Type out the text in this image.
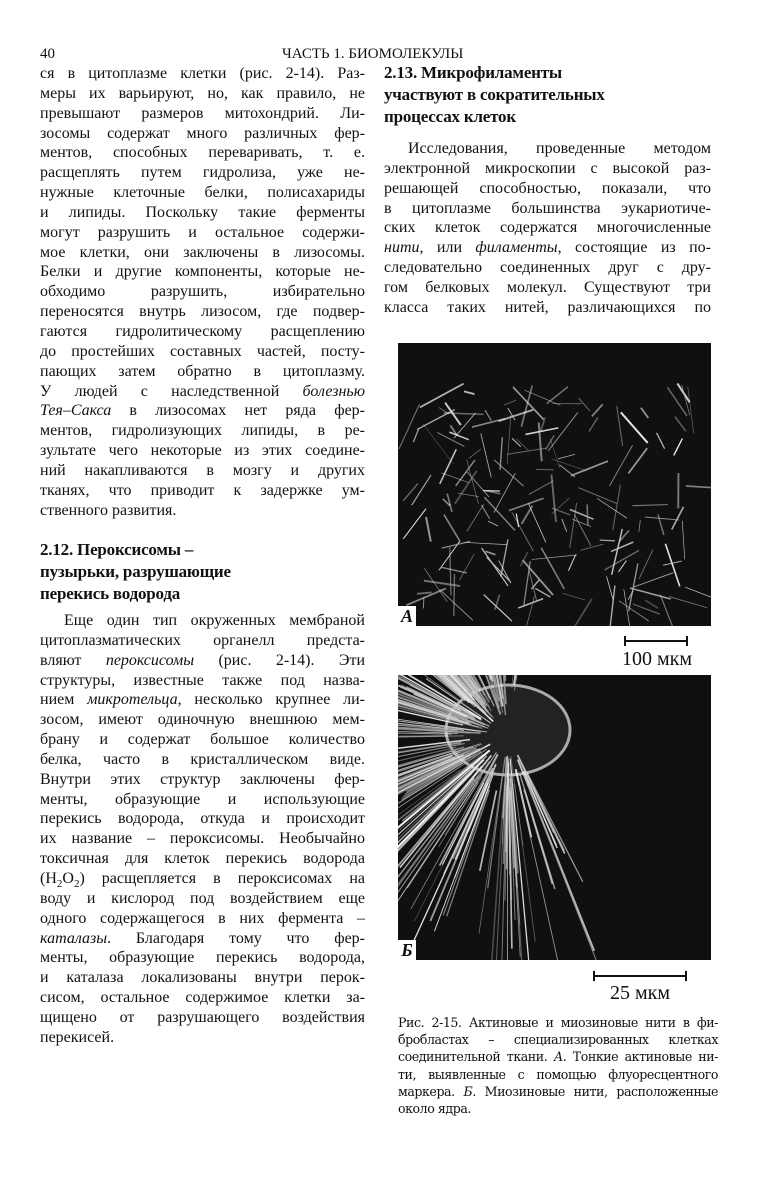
40	ЧАСТЬ 1. БИОМОЛЕКУЛЫ
ся в цитоплазме клетки (рис. 2-14). Раз-
меры их варьируют, но, как правило, не
превышают размеров митохондрий. Ли-
зосомы содержат много различных фер-
ментов, способных переваривать, т. е.
расщеплять путем гидролиза, уже не-
нужные клеточные белки, полисахариды
и липиды. Поскольку такие ферменты
могут разрушить и остальное содержи-
мое клетки, они заключены в лизосомы.
Белки и другие компоненты, которые не-
обходимо разрушить, избирательно
переносятся внутрь лизосом, где подвер-
гаются гидролитическому расщеплению
до простейших составных частей, посту-
пающих затем обратно в цитоплазму.
У людей с наследственной болезнью
Тея–Сакса в лизосомах нет ряда фер-
ментов, гидролизующих липиды, в ре-
зультате чего некоторые из этих соедине-
ний накапливаются в мозгу и других
тканях, что приводит к задержке ум-
ственного развития.
2.12. Пероксисомы –
пузырьки, разрушающие
перекись водорода
Еще один тип окруженных мембраной
цитоплазматических органелл предста-
вляют пероксисомы (рис. 2-14). Эти
структуры, известные также под назва-
нием микротельца, несколько крупнее ли-
зосом, имеют одиночную внешнюю мем-
брану и содержат большое количество
белка, часто в кристаллическом виде.
Внутри этих структур заключены фер-
менты, образующие и использующие
перекись водорода, откуда и происходит
их название – пероксисомы. Необычайно
токсичная для клеток перекись водорода
$(H_2O_2)$ расщепляется в пероксисомах на
воду и кислород под воздействием еще
одного содержащегося в них фермента –
каталазы. Благодаря тому что фер-
менты, образующие перекись водорода,
и каталаза локализованы внутри перок-
сисом, остальное содержимое клетки за-
щищено от разрушающего воздействия
перекисей.
2.13. Микрофиламенты
участвуют в сократительных
процессах клеток
Исследования, проведенные методом
электронной микроскопии с высокой раз-
решающей способностью, показали, что
в цитоплазме большинства эукариотиче-
ских клеток содержатся многочисленные
нити, или филаменты, состоящие из по-
следовательно соединенных друг с дру-
гом белковых молекул. Существуют три
класса таких нитей, различающихся по
А
100 мкм
Б
25 мкм
Рис. 2-15. Актиновые и миозиновые нити в фи-
бробластах – специализированных клетках
соединительной ткани. А. Тонкие актиновые ни-
ти, выявленные с помощью флуоресцентного
маркера. Б. Миозиновые нити, расположенные
около ядра.
